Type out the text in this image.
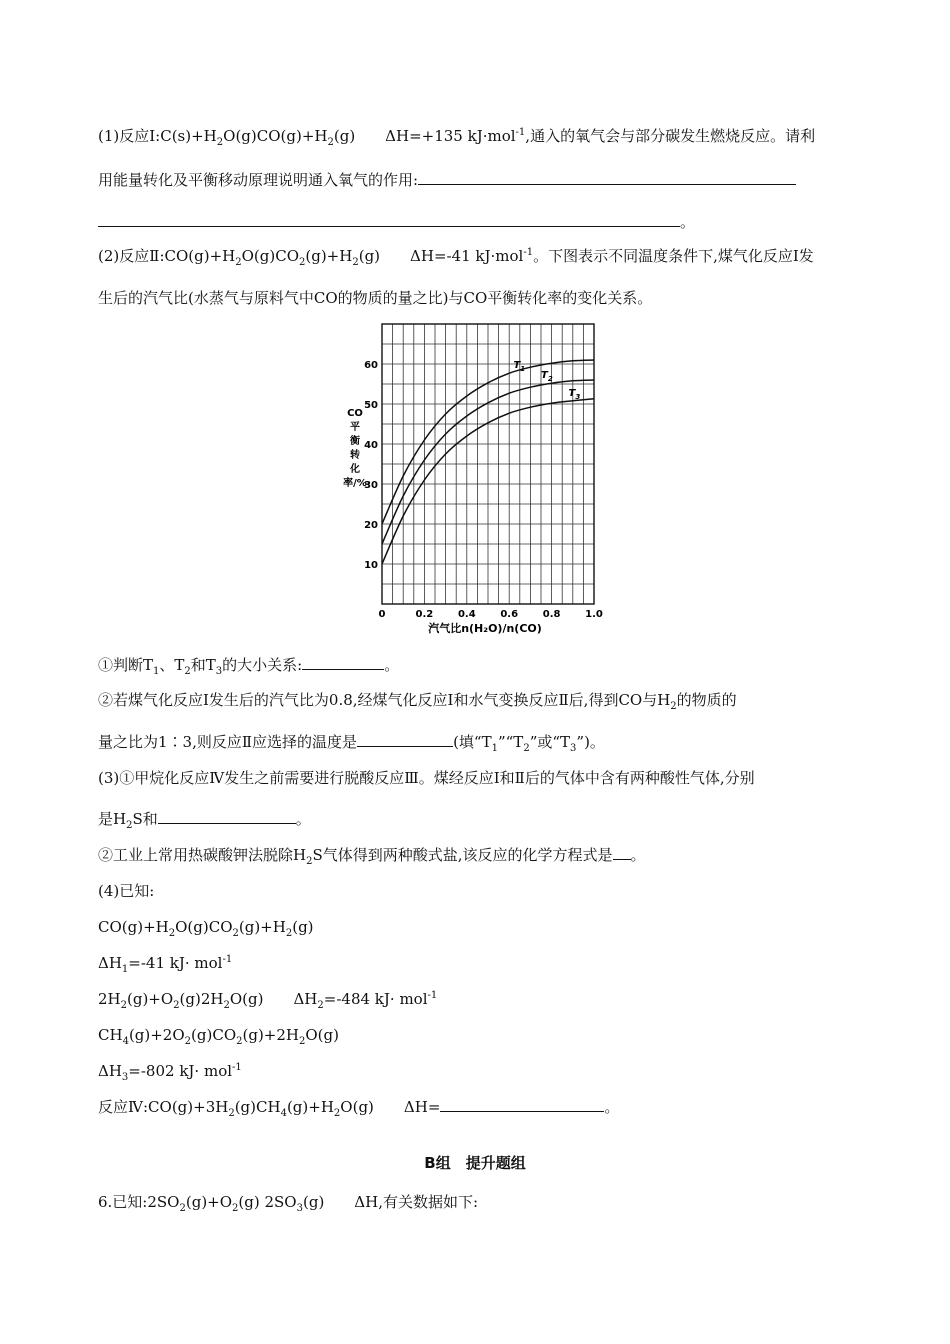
(1)反应$Ⅰ:C(s)+H_2O(g)CO(g)+H_2(g)$　　ΔH=+135 kJ·mol$^{-1}$,通入的氧气会与部分碳发生燃烧反应。请利
用能量转化及平衡移动原理说明通入氧气的作用:
。
(2)反应$Ⅱ:CO(g)+H_2O(g)CO_2(g)+H_2(g)$　　ΔH=-41 kJ·mol$^{-1}$。下图表示不同温度条件下,煤气化反应Ⅰ发
生后的汽气比(水蒸气与原料气中CO的物质的量之比)与CO平衡转化率的变化关系。
0	0.2 0.4 0.6 0.8 1.0
10
20
30
40
50
60	$T_1$
$T_2$
$T_3$
CO
平
衡
转
化
率/%
汽气比n(H₂O)/n(CO)
①判断$T_1$、$T_2$和$T_3$的大小关系:	。
②若煤气化反应Ⅰ发生后的汽气比为0.8,经煤气化反应Ⅰ和水气变换反应Ⅱ后,得到CO与$H_2$的物质的
量之比为1∶3,则反应Ⅱ应选择的温度是	(填“$T_1”“T_2$”或“$T_3$”)。
(3)①甲烷化反应Ⅳ发生之前需要进行脱酸反应Ⅲ。煤经反应Ⅰ和Ⅱ后的气体中含有两种酸性气体,分别
是$H_2S$和	。
②工业上常用热碳酸钾法脱除$H_2S$气体得到两种酸式盐,该反应的化学方程式是 。
(4)已知:
$CO(g)+H_2O(g)CO_2(g)+H_2(g)$
$\Delta H_1=-41$ kJ· mol$^{-1}$
$2H_2(g)+O_2(g)2H_2O(g)$　　$\Delta H_2=-484$ kJ· mol$^{-1}$
$CH_4(g)+2O_2(g)CO_2(g)+2H_2O(g)$
$\Delta H_3=-802$ kJ· mol$^{-1}$
反应$Ⅳ:CO(g)+3H_2(g)CH_4(g)+H_2O(g)$　　ΔH=	。
B组　提升题组
6.已知$:2SO_2(g)+O_2(g)$ $2SO_3(g)$　　ΔH,有关数据如下:
